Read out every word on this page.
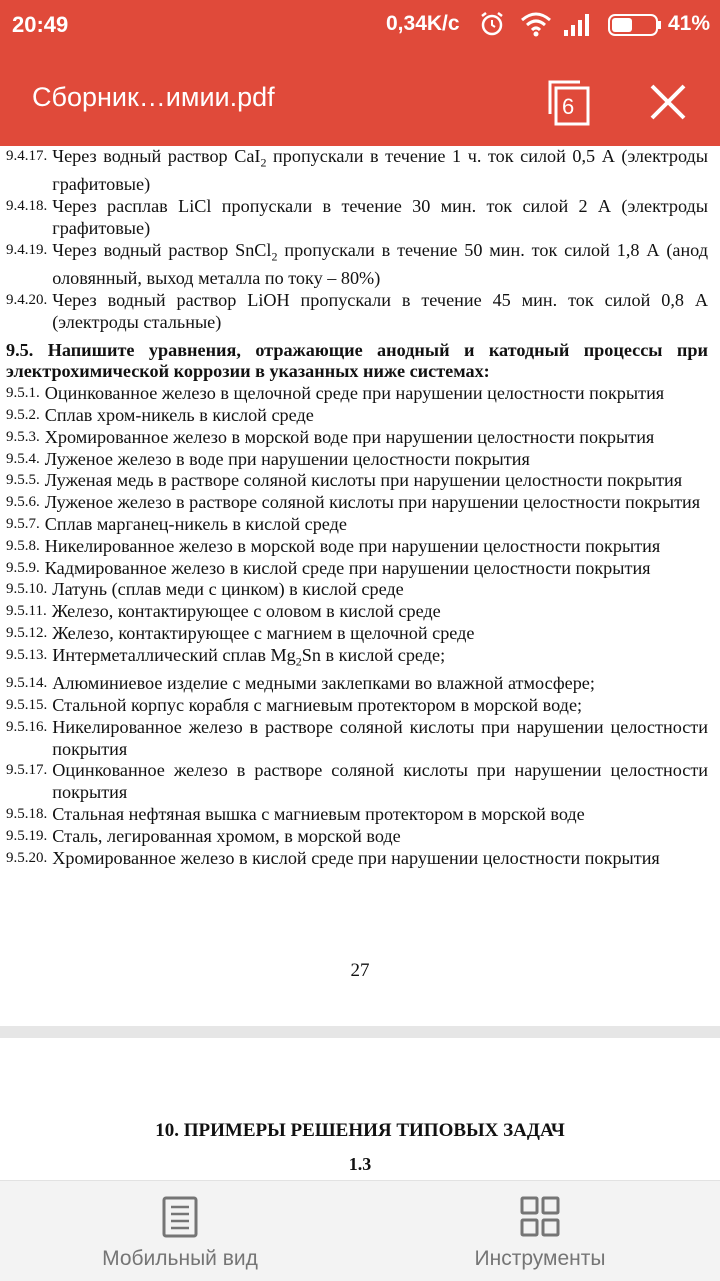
20:49	0,34K/c	41%
Сборник…имии.pdf	6
9.4.17. Через водный раствор CaI$_2$ пропускали в течение 1 ч. ток силой 0,5 А (электроды графитовые)
9.4.18. Через расплав LiCl пропускали в течение 30 мин. ток силой 2 А (электроды графитовые)
9.4.19. Через водный раствор SnCl$_2$ пропускали в течение 50 мин. ток силой 1,8 А (анод оловянный, выход металла по току – 80%)
9.4.20. Через водный раствор LiOH пропускали в течение 45 мин. ток силой 0,8 А (электроды стальные)
9.5. Напишите уравнения, отражающие анодный и катодный процессы при электрохимической коррозии в указанных ниже системах:
9.5.1. Оцинкованное железо в щелочной среде при нарушении целостности покрытия
9.5.2. Сплав хром-никель в кислой среде
9.5.3. Хромированное железо в морской воде при нарушении целостности покрытия
9.5.4. Луженое железо в воде при нарушении целостности покрытия
9.5.5. Луженая медь в растворе соляной кислоты при нарушении целостности покрытия
9.5.6. Луженое железо в растворе соляной кислоты при нарушении целостности покрытия
9.5.7. Сплав марганец-никель в кислой среде
9.5.8. Никелированное железо в морской воде при нарушении целостности покрытия
9.5.9. Кадмированное железо в кислой среде при нарушении целостности покрытия
9.5.10. Латунь (сплав меди с цинком) в кислой среде
9.5.11. Железо, контактирующее с оловом в кислой среде
9.5.12. Железо, контактирующее с магнием в щелочной среде
9.5.13. Интерметаллический сплав $Mg_2Sn$ в кислой среде;
9.5.14. Алюминиевое изделие с медными заклепками во влажной атмосфере;
9.5.15. Стальной корпус корабля с магниевым протектором в морской воде;
9.5.16. Никелированное железо в растворе соляной кислоты при нарушении целостности покрытия
9.5.17. Оцинкованное железо в растворе соляной кислоты при нарушении целостности покрытия
9.5.18. Стальная нефтяная вышка с магниевым протектором в морской воде
9.5.19. Сталь, легированная хромом, в морской воде
9.5.20. Хромированное железо в кислой среде при нарушении целостности покрытия
27
10. ПРИМЕРЫ РЕШЕНИЯ ТИПОВЫХ ЗАДАЧ
1.3
Мобильный вид	Инструменты
